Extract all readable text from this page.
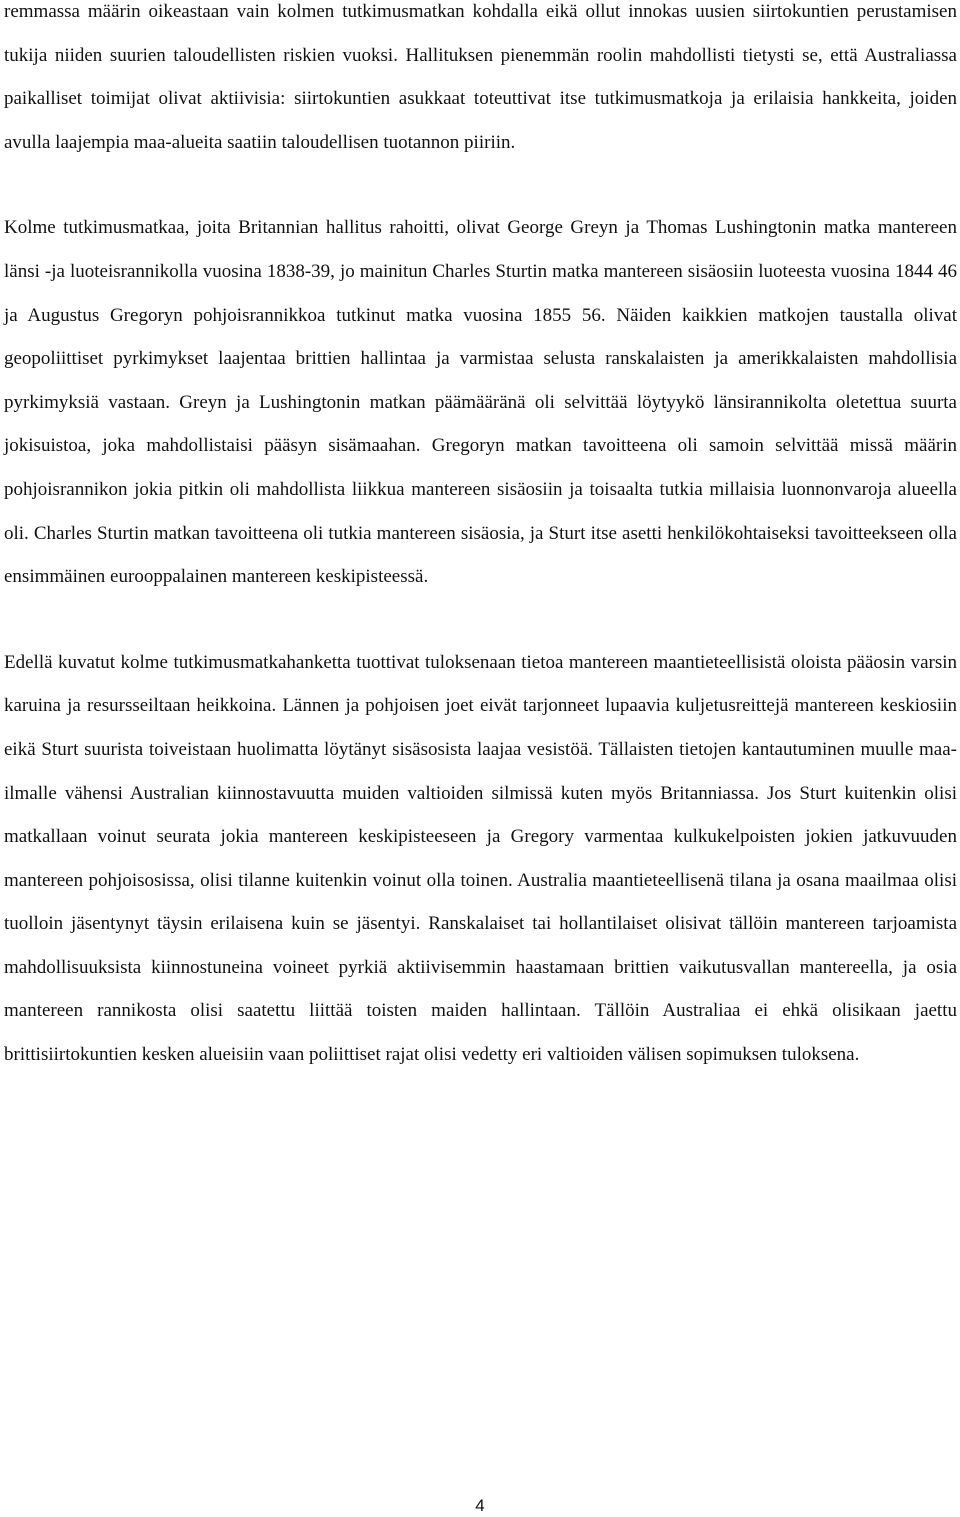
remmassa määrin oikeastaan vain kolmen tutkimusmatkan kohdalla eikä ollut innokas uusien siirtokuntien perustamisen tukija niiden suurien taloudellisten riskien vuoksi. Hallituksen pienemmän roolin mahdollisti tietysti se, että Australiassa paikalliset toimijat olivat aktiivisia: siirtokuntien asukkaat toteuttivat itse tutkimusmatkoja ja erilaisia hankkeita, joiden avulla laajempia maa-alueita saatiin taloudellisen tuotannon piiriin.

Kolme tutkimusmatkaa, joita Britannian hallitus rahoitti, olivat George Greyn ja Thomas Lushingtonin matka mantereen länsi -ja luoteisrannikolla vuosina 1838-39, jo mainitun Charles Sturtin matka mantereen sisäosiin luoteesta vuosina 1844 46 ja Augustus Gregoryn pohjoisrannikkoa tutkinut matka vuosina 1855 56. Näiden kaikkien matkojen taustalla olivat geopoliittiset pyrkimykset laajentaa brittien hallintaa ja varmistaa selusta ranskalaisten ja amerikkalaisten mahdollisia pyrkimyksiä vastaan. Greyn ja Lushingtonin matkan päämääränä oli selvittää löytyykö länsirannikolta oletettua suurta jokisuistoa, joka mahdollistaisi pääsyn sisämaahan. Gregoryn matkan tavoitteena oli samoin selvittää missä määrin pohjoisrannikon jokia pitkin oli mahdollista liikkua mantereen sisäosiin ja toisaalta tutkia millaisia luonnonvaroja alueella oli. Charles Sturtin matkan tavoitteena oli tutkia mantereen sisäosia, ja Sturt itse asetti henkilökohtaiseksi tavoitteekseen olla ensimmäinen eurooppalainen mantereen keskipisteessä.

Edellä kuvatut kolme tutkimusmatkahanketta tuottivat tuloksenaan tietoa mantereen maantieteellisistä oloista pääosin varsin karuina ja resursseiltaan heikkoina. Lännen ja pohjoisen joet eivät tarjonneet lupaavia kuljetusreittejä mantereen keskiosiin eikä Sturt suurista toiveistaan huolimatta löytänyt sisäsosista laajaa vesistöä. Tällaisten tietojen kantautuminen muulle maailmalle vähensi Australian kiinnostavuutta muiden valtioiden silmissä kuten myös Britanniassa. Jos Sturt kuitenkin olisi matkallaan voinut seurata jokia mantereen keskipisteeseen ja Gregory varmentaa kulkukelpoisten jokien jatkuvuuden mantereen pohjoisosissa, olisi tilanne kuitenkin voinut olla toinen. Australia maantieteellisenä tilana ja osana maailmaa olisi tuolloin jäsentynyt täysin erilaisena kuin se jäsentyi. Ranskalaiset tai hollantilaiset olisivat tällöin mantereen tarjoamista mahdollisuuksista kiinnostuneina voineet pyrkiä aktiivisemmin haastamaan brittien vaikutusvallan mantereella, ja osia mantereen rannikosta olisi saatettu liittää toisten maiden hallintaan. Tällöin Australiaa ei ehkä olisikaan jaettu brittisiirtokuntien kesken alueisiin vaan poliittiset rajat olisi vedetty eri valtioiden välisen sopimuksen tuloksena.

4
